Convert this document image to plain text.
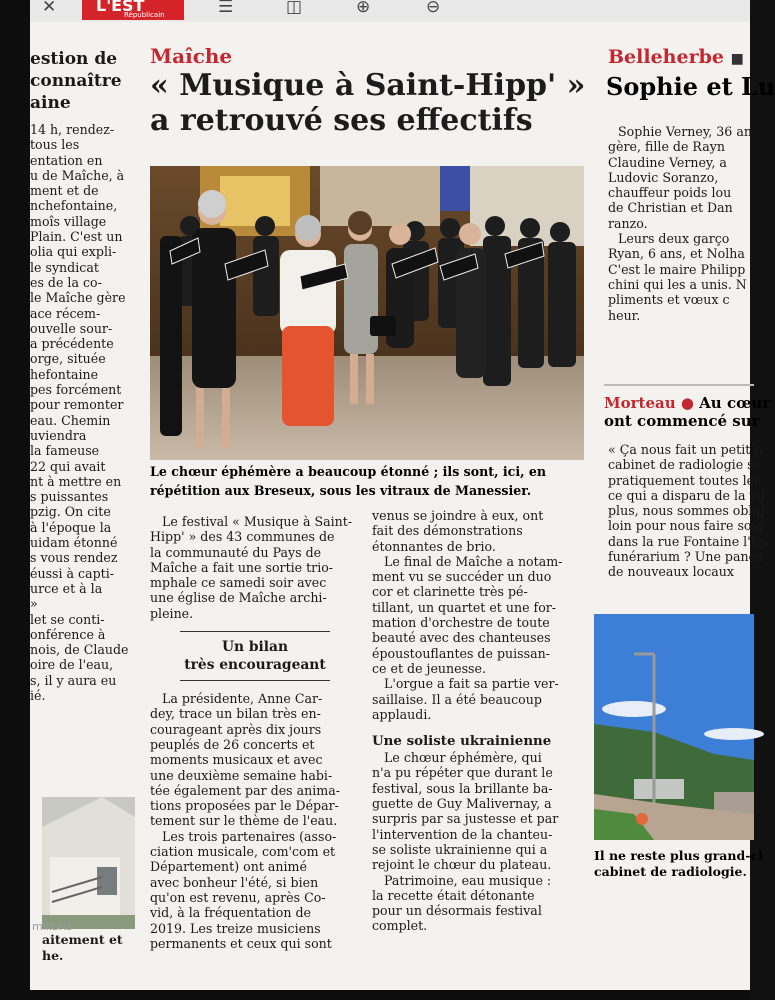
✕	☰	◫	⊕	⊖
L'EST
Républicain
estion de
connaître
aine
14 h, rendez-
tous les
entation en
u de Maîche, à
ment et de
nchefontaine,
moîs village
Plain. C'est un
olia qui expli-
le syndicat
es de la co-
le Maîche gère
ace récem-
ouvelle sour-
a précédente
orge, située
hefontaine
pes forcément
pour remonter
eau. Chemin
uviendra
la fameuse
22 qui avait
nt à mettre en
s puissantes
pzig. On cite
à l'époque la
uidam étonné
s vous rendez
éussi à capti-
urce et à la
»
let se conti-
onférence à
nois, de Claude
oire de l'eau,
s, il y aura eu
ié.
aitement et
he.
Maîche
« Musique à Saint-Hipp' »
a retrouvé ses effectifs
Le chœur éphémère a beaucoup étonné ; ils sont, ici, en
répétition aux Breseux, sous les vitraux de Manessier.
Le festival « Musique à Saint-
Hipp' » des 43 communes de
la communauté du Pays de
Maîche a fait une sortie trio-
mphale ce samedi soir avec
une église de Maîche archi-
pleine.
Un bilan
très encourageant
La présidente, Anne Car-
dey, trace un bilan très en-
courageant après dix jours
peuplés de 26 concerts et
moments musicaux et avec
une deuxième semaine habi-
tée également par des anima-
tions proposées par le Dépar-
tement sur le thème de l'eau.
Les trois partenaires (asso-
ciation musicale, com'com et
Département) ont animé
avec bonheur l'été, si bien
qu'on est revenu, après Co-
vid, à la fréquentation de
2019. Les treize musiciens
permanents et ceux qui sont
venus se joindre à eux, ont
fait des démonstrations
étonnantes de brio.
Le final de Maîche a notam-
ment vu se succéder un duo
cor et clarinette très pé-
tillant, un quartet et une for-
mation d'orchestre de toute
beauté avec des chanteuses
époustouflantes de puissan-
ce et de jeunesse.
L'orgue a fait sa partie ver-
saillaise. Il a été beaucoup
applaudi.
Une soliste ukrainienne
Le chœur éphémère, qui
n'a pu répéter que durant le
festival, sous la brillante ba-
guette de Guy Malivernay, a
surpris par sa justesse et par
l'intervention de la chanteu-
se soliste ukrainienne qui a
rejoint le chœur du plateau.
Patrimoine, eau musique :
la recette était détonante
pour un désormais festival
complet.
Belleherbe ■ N
Sophie et Lu
Sophie Verney, 36 an
gère, fille de Rayn
Claudine Verney, a
Ludovic Soranzo,
chauffeur poids lou
de Christian et Dan
ranzo.
Leurs deux garço
Ryan, 6 ans, et Nolha
C'est le maire Philipp
chini qui les a unis. N
pliments et vœux c
heur.
Morteau ● Au cœur
ont commencé sur
« Ça nous fait un petit p
cabinet de radiologie se
pratiquement toutes les
ce qui a disparu de la vil
plus, nous sommes oblig
loin pour nous faire soig
dans la rue Fontaine l'Ép
funérarium ? Une panca
de nouveaux locaux
Il ne reste plus grand-cl
cabinet de radiologie.
milibris
